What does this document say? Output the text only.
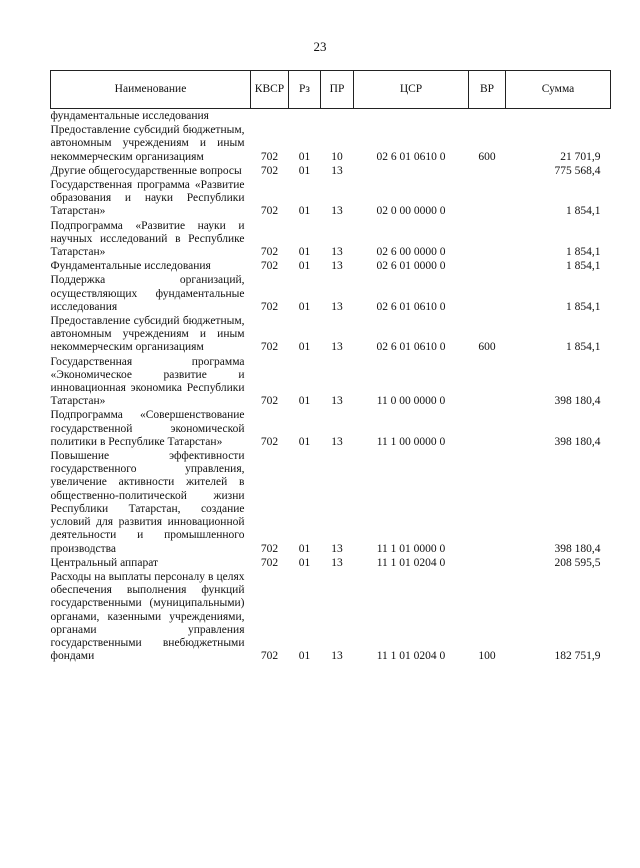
23
Наименование	КВСР	Рз	ПР	ЦСР	ВР	Сумма
фундаментальные исследования						
Предоставление субсидий бюджетным, автономным учреждениям и иным некоммерческим организациям	702	01	10	02 6 01 0610 0	600	21 701,9
Другие общегосударственные вопросы	702	01	13			775 568,4
Государственная программа «Развитие образования и науки Республики Татарстан»	702	01	13	02 0 00 0000 0		1 854,1
Подпрограмма «Развитие науки и научных исследований в Республике Татарстан»	702	01	13	02 6 00 0000 0		1 854,1
Фундаментальные исследования	702	01	13	02 6 01 0000 0		1 854,1
Поддержка организаций, осуществляющих фундаментальные исследования	702	01	13	02 6 01 0610 0		1 854,1
Предоставление субсидий бюджетным, автономным учреждениям и иным некоммерческим организациям	702	01	13	02 6 01 0610 0	600	1 854,1
Государственная программа «Экономическое развитие и инновационная экономика Республики Татарстан»	702	01	13	11 0 00 0000 0		398 180,4
Подпрограмма «Совершенствование государственной экономической политики в Республике Татарстан»	702	01	13	11 1 00 0000 0		398 180,4
Повышение эффективности государственного управления, увеличение активности жителей в общественно-политической жизни Республики Татарстан, создание условий для развития инновационной деятельности и промышленного производства	702	01	13	11 1 01 0000 0		398 180,4
Центральный аппарат	702	01	13	11 1 01 0204 0		208 595,5
Расходы на выплаты персоналу в целях обеспечения выполнения функций государственными (муниципальными) органами, казенными учреждениями, органами управления государственными внебюджетными фондами	702	01	13	11 1 01 0204 0	100	182 751,9
